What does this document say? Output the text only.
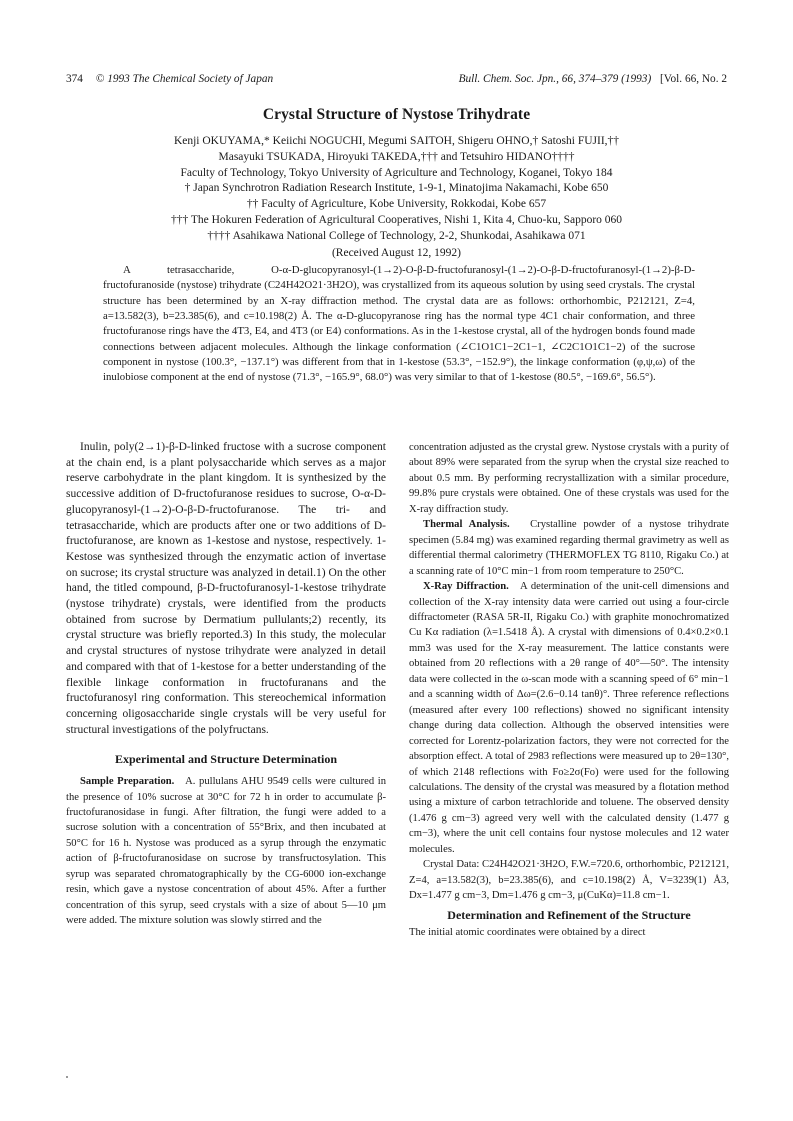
374 © 1993 The Chemical Society of Japan	Bull. Chem. Soc. Jpn., 66, 374–379 (1993) [Vol. 66, No. 2
Crystal Structure of Nystose Trihydrate
Kenji OKUYAMA,* Keiichi NOGUCHI, Megumi SAITOH, Shigeru OHNO,† Satoshi FUJII,††
Masayuki TSUKADA, Hiroyuki TAKEDA,††† and Tetsuhiro HIDANO††††
Faculty of Technology, Tokyo University of Agriculture and Technology, Koganei, Tokyo 184
† Japan Synchrotron Radiation Research Institute, 1-9-1, Minatojima Nakamachi, Kobe 650
†† Faculty of Agriculture, Kobe University, Rokkodai, Kobe 657
††† The Hokuren Federation of Agricultural Cooperatives, Nishi 1, Kita 4, Chuo-ku, Sapporo 060
†††† Asahikawa National College of Technology, 2-2, Shunkodai, Asahikawa 071
(Received August 12, 1992)

A tetrasaccharide, O-α-D-glucopyranosyl-(1→2)-O-β-D-fructofuranosyl-(1→2)-O-β-D-fructofuranosyl-(1→2)-β-D-fructofuranoside (nystose) trihydrate (C24H42O21·3H2O), was crystallized from its aqueous solution by using seed crystals. The crystal structure has been determined by an X-ray diffraction method. The crystal data are as follows: orthorhombic, P212121, Z=4, a=13.582(3), b=23.385(6), and c=10.198(2) Å. The α-D-glucopyranose ring has the normal type 4C1 chair conformation, and three fructofuranose rings have the 4T3, E4, and 4T3 (or E4) conformations. As in the 1-kestose crystal, all of the hydrogen bonds found made connections between adjacent molecules. Although the linkage conformation (∠C1O1C1−2C1−1, ∠C2C1O1C1−2) of the sucrose component in nystose (100.3°, −137.1°) was different from that in 1-kestose (53.3°, −152.9°), the linkage conformation (φ,ψ,ω) of the inulobiose component at the end of nystose (71.3°, −165.9°, 68.0°) was very similar to that of 1-kestose (80.5°, −169.6°, 56.5°).

Inulin, poly(2→1)-β-D-linked fructose with a sucrose component at the chain end, is a plant polysaccharide which serves as a major reserve carbohydrate in the plant kingdom. It is synthesized by the successive addition of D-fructofuranose residues to sucrose, O-α-D-glucopyranosyl-(1→2)-O-β-D-fructofuranose. The tri- and tetrasaccharide, which are products after one or two additions of D-fructofuranose, are known as 1-kestose and nystose, respectively. 1-Kestose was synthesized through the enzymatic action of invertase on sucrose; its crystal structure was analyzed in detail.1) On the other hand, the titled compound, β-D-fructofuranosyl-1-kestose trihydrate (nystose trihydrate) crystals, were identified from the products obtained from sucrose by Dermatium pullulants;2) recently, its crystal structure was briefly reported.3) In this study, the molecular and crystal structures of nystose trihydrate were analyzed in detail and compared with that of 1-kestose for a better understanding of the flexible linkage conformation in fructofuranans and the fructofuranosyl ring conformation. This stereochemical information concerning oligosaccharide single crystals will be very useful for structural investigations of the polyfructans.

Experimental and Structure Determination

Sample Preparation. A. pullulans AHU 9549 cells were cultured in the presence of 10% sucrose at 30°C for 72 h in order to accumulate β-fructofuranosidase in fungi. After filtration, the fungi were added to a sucrose solution with a concentration of 55°Brix, and then incubated at 50°C for 16 h. Nystose was produced as a syrup through the enzymatic action of β-fructofuranosidase on sucrose by transfructosylation. This syrup was separated chromatographically by the CG-6000 ion-exchange resin, which gave a nystose concentration of about 45%. After a further concentration of this syrup, seed crystals with a size of about 5—10 μm were added. The mixture solution was slowly stirred and the

concentration adjusted as the crystal grew. Nystose crystals with a purity of about 89% were separated from the syrup when the crystal size reached to about 0.5 mm. By performing recrystallization with a similar procedure, 99.8% pure crystals were obtained. One of these crystals was used for the X-ray diffraction study.

Thermal Analysis. Crystalline powder of a nystose trihydrate specimen (5.84 mg) was examined regarding thermal gravimetry as well as differential thermal calorimetry (THERMOFLEX TG 8110, Rigaku Co.) at a scanning rate of 10°C min−1 from room temperature to 250°C.

X-Ray Diffraction. A determination of the unit-cell dimensions and collection of the X-ray intensity data were carried out using a four-circle diffractometer (RASA 5R-II, Rigaku Co.) with graphite monochromatized Cu Kα radiation (λ=1.5418 Å). A crystal with dimensions of 0.4×0.2×0.1 mm3 was used for the X-ray measurement. The lattice constants were obtained from 20 reflections with a 2θ range of 40°—50°. The intensity data were collected in the ω-scan mode with a scanning speed of 6° min−1 and a scanning width of Δω=(2.6−0.14 tanθ)°. Three reference reflections (measured after every 100 reflections) showed no significant intensity change during data collection. Although the observed intensities were corrected for Lorentz-polarization factors, they were not corrected for the absorption effect. A total of 2983 reflections were measured up to 2θ=130°, of which 2148 reflections with Fo≥2σ(Fo) were used for the following calculations. The density of the crystal was measured by a flotation method using a mixture of carbon tetrachloride and toluene. The observed density (1.476 g cm−3) agreed very well with the calculated density (1.477 g cm−3), where the unit cell contains four nystose molecules and 12 water molecules.

Crystal Data: C24H42O21·3H2O, F.W.=720.6, orthorhombic, P212121, Z=4, a=13.582(3), b=23.385(6), and c=10.198(2) Å, V=3239(1) Å3, Dx=1.477 g cm−3, Dm=1.476 g cm−3, μ(CuKα)=11.8 cm−1.

Determination and Refinement of the Structure

The initial atomic coordinates were obtained by a direct
